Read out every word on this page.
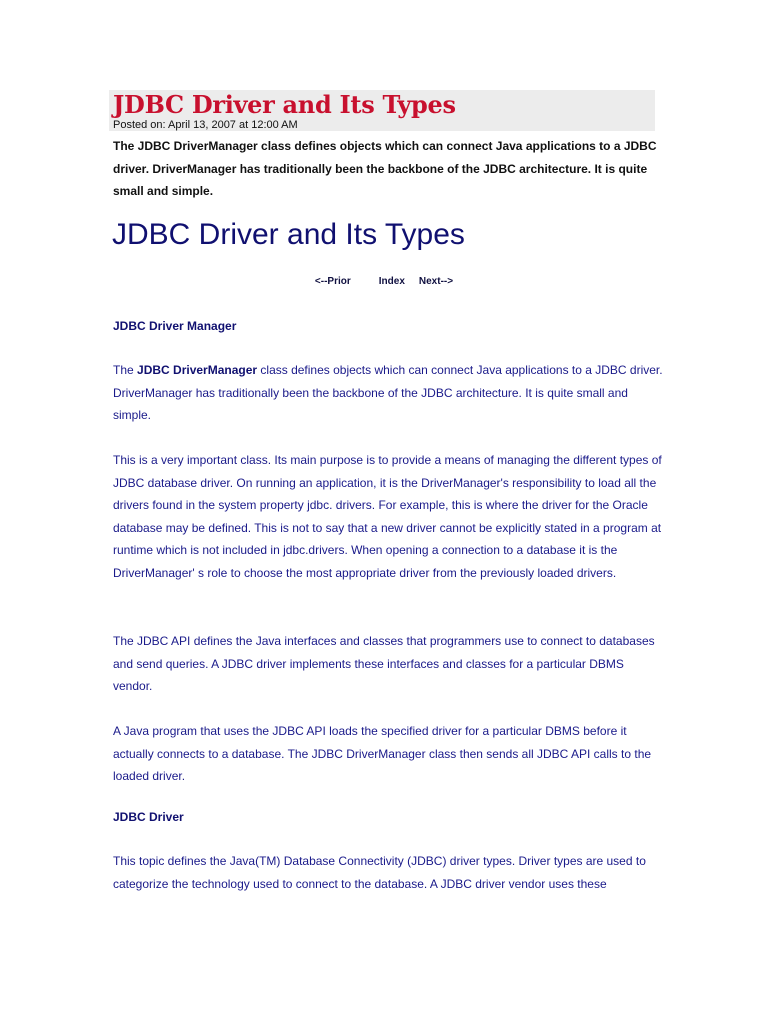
JDBC Driver and Its Types
Posted on: April 13, 2007 at 12:00 AM

The JDBC DriverManager class defines objects which can connect Java applications to a JDBC driver. DriverManager has traditionally been the backbone of the JDBC architecture. It is quite small and simple.

JDBC Driver and Its Types
<--Prior	Index Next-->
JDBC Driver Manager

The JDBC DriverManager class defines objects which can connect Java applications to a JDBC driver. DriverManager has traditionally been the backbone of the JDBC architecture. It is quite small and simple.

This is a very important class. Its main purpose is to provide a means of managing the different types of JDBC database driver. On running an application, it is the DriverManager's responsibility to load all the drivers found in the system property jdbc. drivers. For example, this is where the driver for the Oracle database may be defined. This is not to say that a new driver cannot be explicitly stated in a program at runtime which is not included in jdbc.drivers. When opening a connection to a database it is the DriverManager' s role to choose the most appropriate driver from the previously loaded drivers.

The JDBC API defines the Java interfaces and classes that programmers use to connect to databases and send queries. A JDBC driver implements these interfaces and classes for a particular DBMS vendor.

A Java program that uses the JDBC API loads the specified driver for a particular DBMS before it actually connects to a database. The JDBC DriverManager class then sends all JDBC API calls to the loaded driver.

JDBC Driver

This topic defines the Java(TM) Database Connectivity (JDBC) driver types. Driver types are used to categorize the technology used to connect to the database. A JDBC driver vendor uses these
